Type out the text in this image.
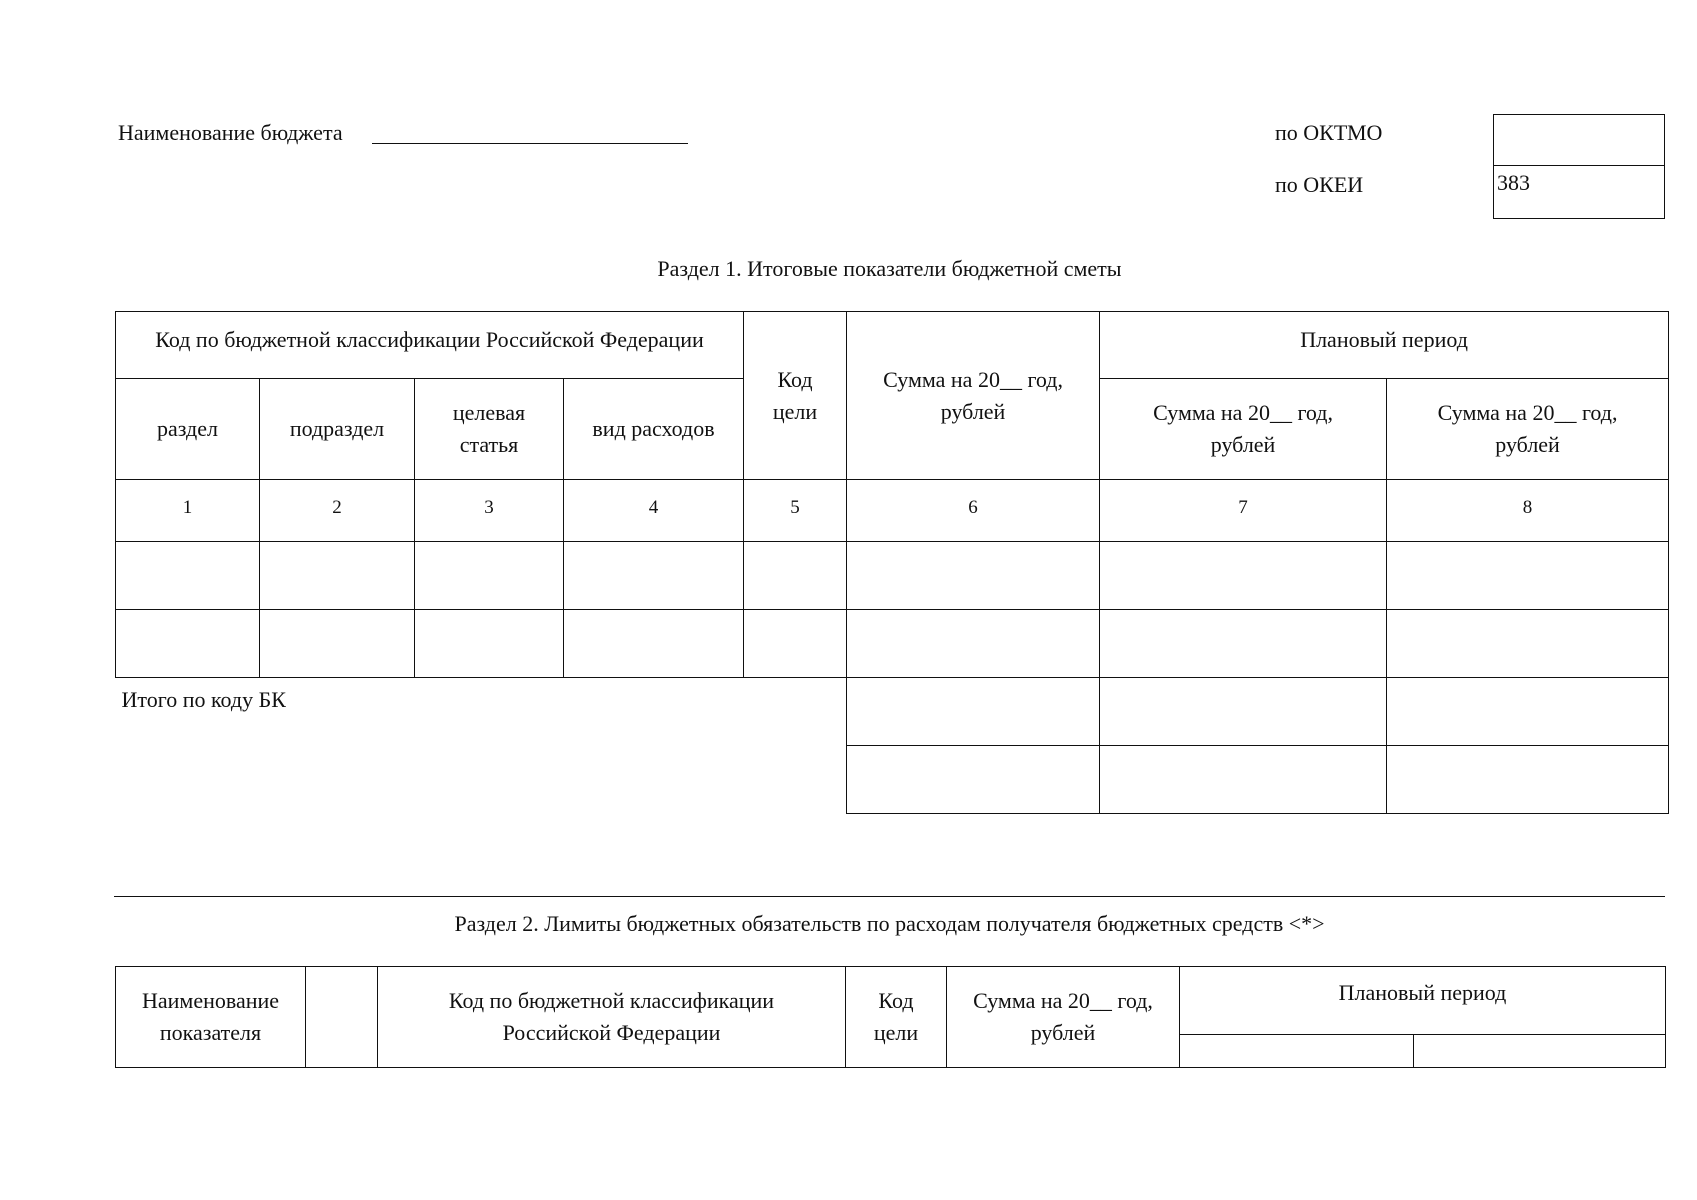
Наименование бюджета	по ОКТМО
по ОКЕИ	383
Раздел 1. Итоговые показатели бюджетной сметы
Код по бюджетной классификации Российской Федерации				Код цели	Сумма на 20__ год, рублей	Плановый период	
раздел	подраздел	целевая статья	вид расходов			Сумма на 20__ год, рублей	Сумма на 20__ год, рублей
1	2	3	4	5	6	7	8

Итого по коду БК							

Раздел 2. Лимиты бюджетных обязательств по расходам получателя бюджетных средств <*>
Наименование показателя		Код по бюджетной классификации Российской Федерации	Код цели	Сумма на 20__ год, рублей	Плановый период	
